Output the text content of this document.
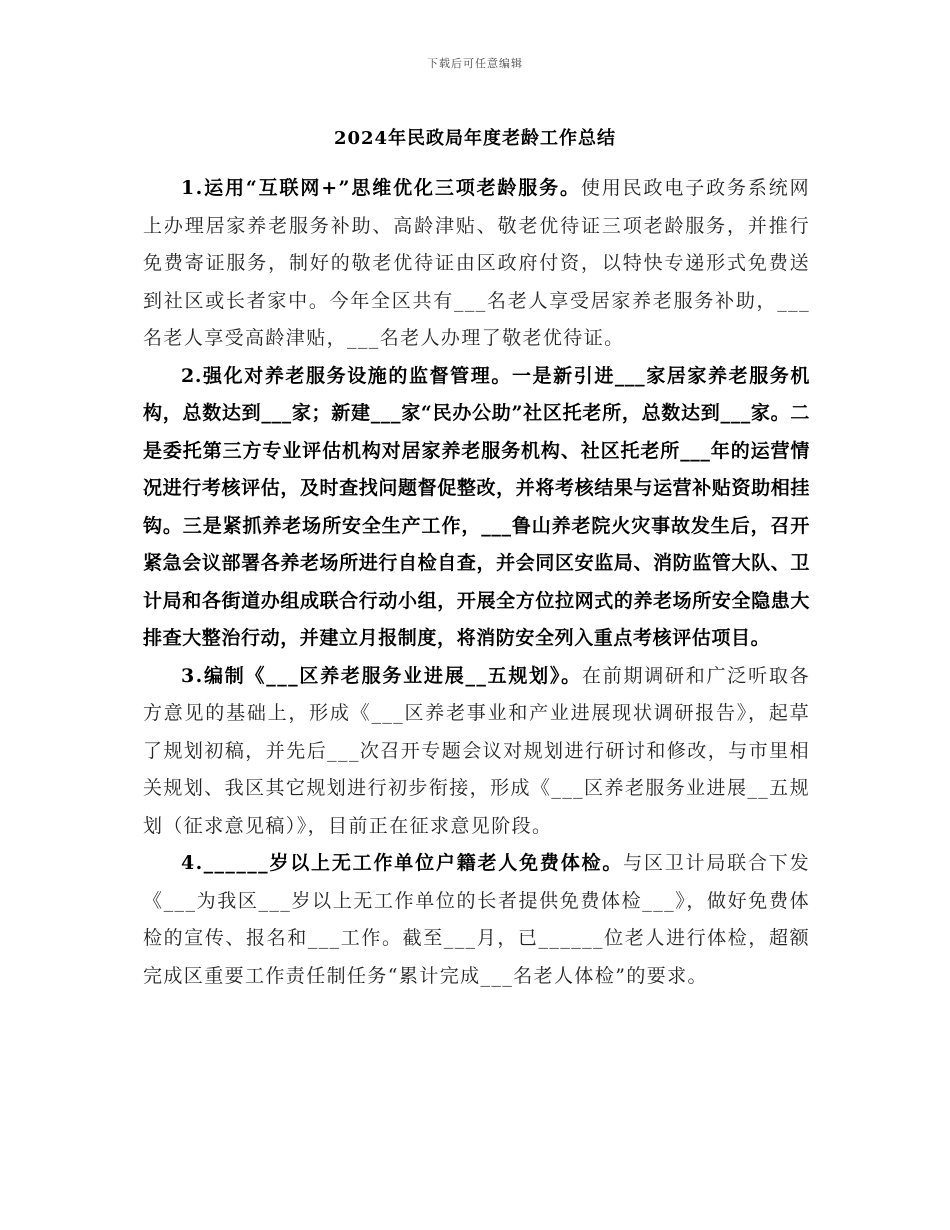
下载后可任意编辑
2024年民政局年度老龄工作总结

1.运用“互联网+”思维优化三项老龄服务。使用民政电子政务系统网上办理居家养老服务补助、高龄津贴、敬老优待证三项老龄服务，并推行免费寄证服务，制好的敬老优待证由区政府付资，以特快专递形式免费送到社区或长者家中。今年全区共有___名老人享受居家养老服务补助，___名老人享受高龄津贴，___名老人办理了敬老优待证。

2.强化对养老服务设施的监督管理。一是新引进___家居家养老服务机构，总数达到___家；新建___家“民办公助”社区托老所，总数达到___家。二是委托第三方专业评估机构对居家养老服务机构、社区托老所___年的运营情况进行考核评估，及时查找问题督促整改，并将考核结果与运营补贴资助相挂钩。三是紧抓养老场所安全生产工作，___鲁山养老院火灾事故发生后，召开紧急会议部署各养老场所进行自检自查，并会同区安监局、消防监管大队、卫计局和各街道办组成联合行动小组，开展全方位拉网式的养老场所安全隐患大排查大整治行动，并建立月报制度，将消防安全列入重点考核评估项目。

3.编制《___区养老服务业进展__五规划》。在前期调研和广泛听取各方意见的基础上，形成《___区养老事业和产业进展现状调研报告》，起草了规划初稿，并先后___次召开专题会议对规划进行研讨和修改，与市里相关规划、我区其它规划进行初步衔接，形成《___区养老服务业进展__五规划（征求意见稿）》，目前正在征求意见阶段。

4.______岁以上无工作单位户籍老人免费体检。与区卫计局联合下发《___为我区___岁以上无工作单位的长者提供免费体检___》，做好免费体检的宣传、报名和___工作。截至___月，已______位老人进行体检，超额完成区重要工作责任制任务“累计完成___名老人体检”的要求。
